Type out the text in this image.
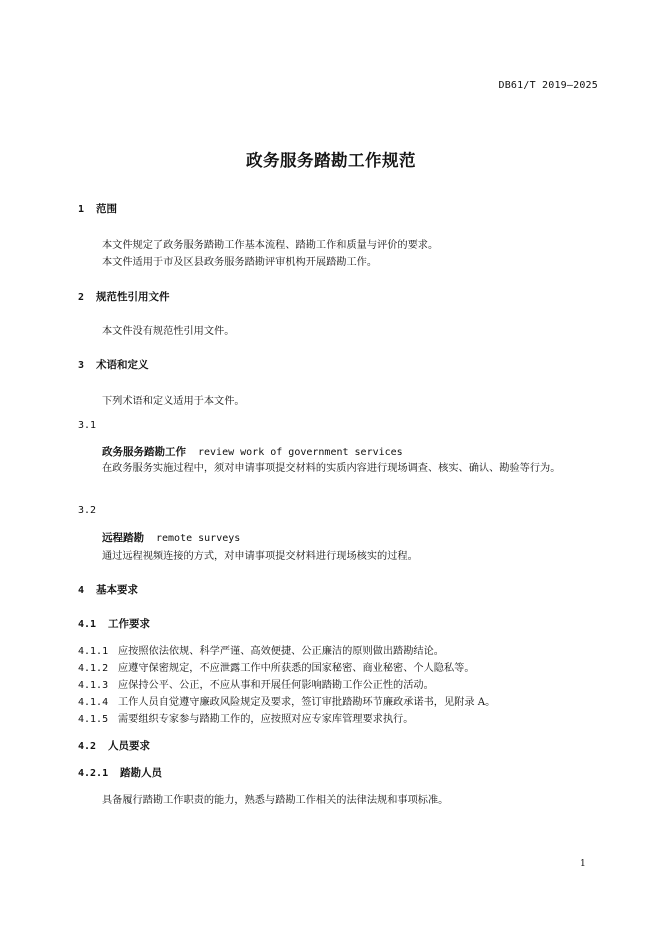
DB61/T 2019—2025
政务服务踏勘工作规范
1 范围
本文件规定了政务服务踏勘工作基本流程、踏勘工作和质量与评价的要求。
本文件适用于市及区县政务服务踏勘评审机构开展踏勘工作。
2 规范性引用文件
本文件没有规范性引用文件。
3 术语和定义
下列术语和定义适用于本文件。
3.1
政务服务踏勘工作 review work of government services
在政务服务实施过程中，须对申请事项提交材料的实质内容进行现场调查、核实、确认、勘验等行为。
3.2
远程踏勘 remote surveys
通过远程视频连接的方式，对申请事项提交材料进行现场核实的过程。
4 基本要求
4.1 工作要求
4.1.1 应按照依法依规、科学严谨、高效便捷、公正廉洁的原则做出踏勘结论。
4.1.2 应遵守保密规定，不应泄露工作中所获悉的国家秘密、商业秘密、个人隐私等。
4.1.3 应保持公平、公正，不应从事和开展任何影响踏勘工作公正性的活动。
4.1.4 工作人员自觉遵守廉政风险规定及要求，签订审批踏勘环节廉政承诺书，见附录 A。
4.1.5 需要组织专家参与踏勘工作的，应按照对应专家库管理要求执行。
4.2 人员要求
4.2.1 踏勘人员
具备履行踏勘工作职责的能力，熟悉与踏勘工作相关的法律法规和事项标准。
1
